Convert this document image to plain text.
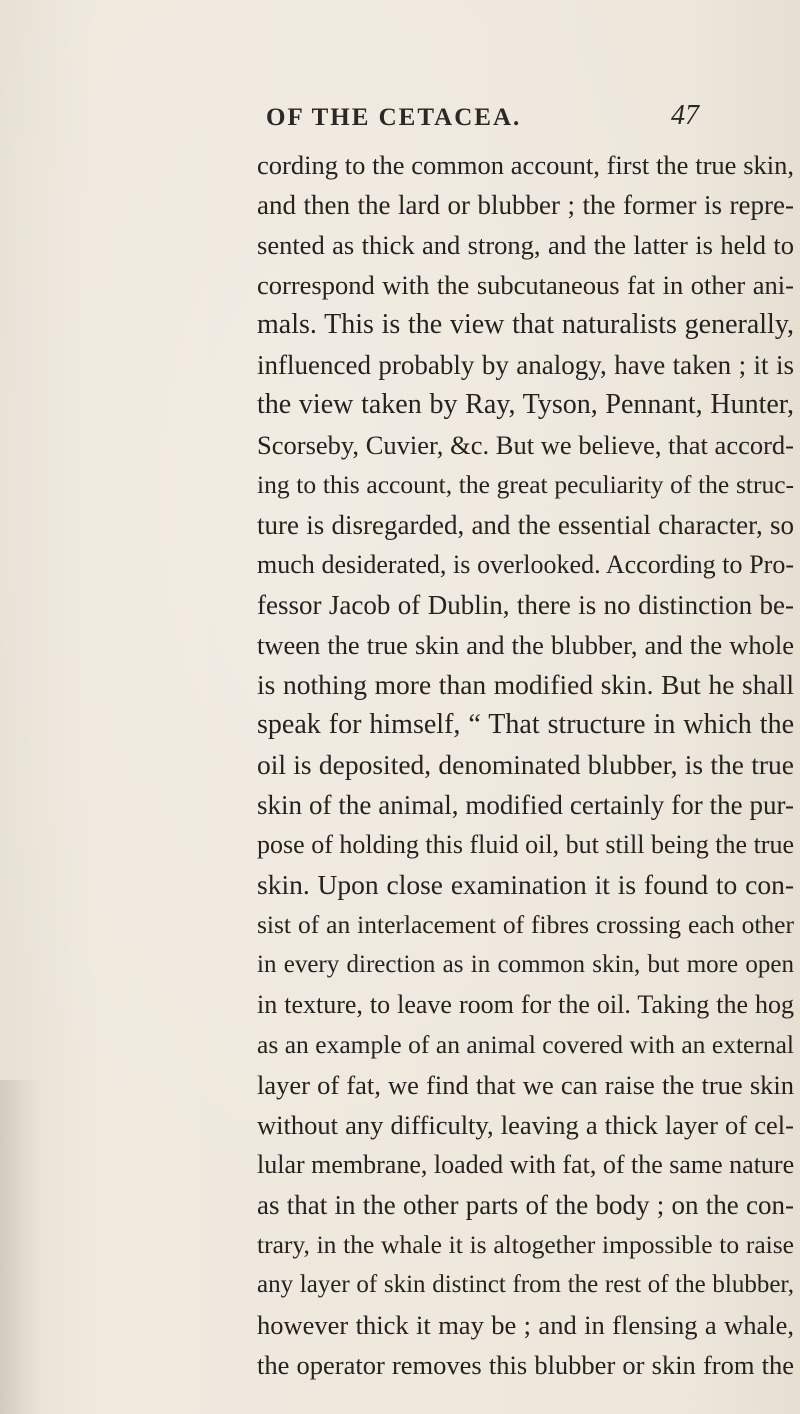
OF THE CETACEA.	47
cording to the common account, first the true skin,
and then the lard or blubber ; the former is repre-
sented as thick and strong, and the latter is held to
correspond with the subcutaneous fat in other ani-
mals. This is the view that naturalists generally,
influenced probably by analogy, have taken ; it is
the view taken by Ray, Tyson, Pennant, Hunter,
Scorseby, Cuvier, &c. But we believe, that accord-
ing to this account, the great peculiarity of the struc-
ture is disregarded, and the essential character, so
much desiderated, is overlooked. According to Pro-
fessor Jacob of Dublin, there is no distinction be-
tween the true skin and the blubber, and the whole
is nothing more than modified skin. But he shall
speak for himself, “ That structure in which the
oil is deposited, denominated blubber, is the true
skin of the animal, modified certainly for the pur-
pose of holding this fluid oil, but still being the true
skin. Upon close examination it is found to con-
sist of an interlacement of fibres crossing each other
in every direction as in common skin, but more open
in texture, to leave room for the oil. Taking the hog
as an example of an animal covered with an external
layer of fat, we find that we can raise the true skin
without any difficulty, leaving a thick layer of cel-
lular membrane, loaded with fat, of the same nature
as that in the other parts of the body ; on the con-
trary, in the whale it is altogether impossible to raise
any layer of skin distinct from the rest of the blubber,
however thick it may be ; and in flensing a whale,
the operator removes this blubber or skin from the
